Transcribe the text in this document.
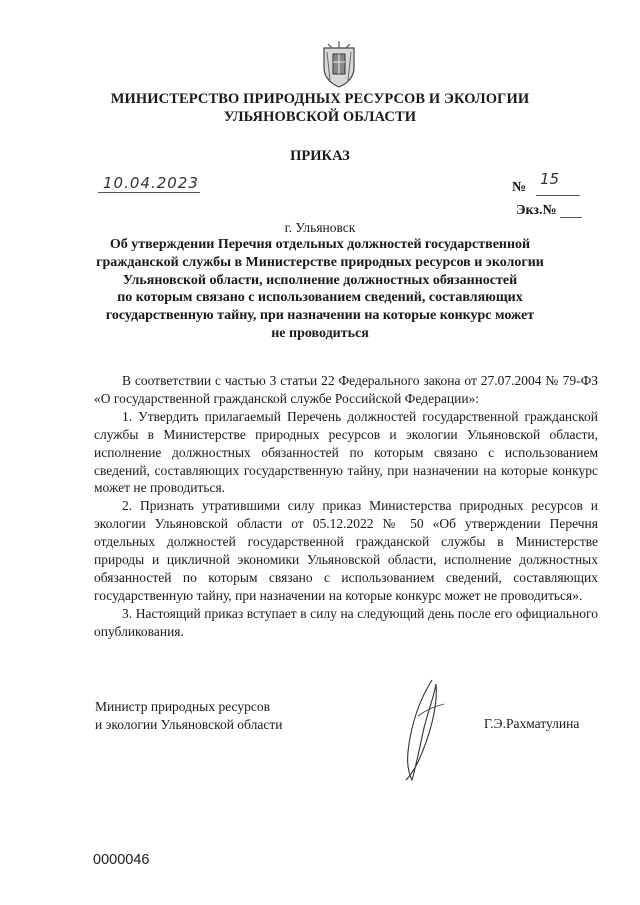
МИНИСТЕРСТВО ПРИРОДНЫХ РЕСУРСОВ И ЭКОЛОГИИ
УЛЬЯНОВСКОЙ ОБЛАСТИ
ПРИКАЗ
10.04.2023	№ 15
Экз.№
г. Ульяновск
Об утверждении Перечня отдельных должностей государственной
гражданской службы в Министерстве природных ресурсов и экологии
Ульяновской области, исполнение должностных обязанностей
по которым связано с использованием сведений, составляющих
государственную тайну, при назначении на которые конкурс может
не проводиться

В соответствии с частью 3 статьи 22 Федерального закона от 27.07.2004 № 79-ФЗ «О государственной гражданской службе Российской Федерации»:

1. Утвердить прилагаемый Перечень должностей государственной гражданской службы в Министерстве природных ресурсов и экологии Ульяновской области, исполнение должностных обязанностей по которым связано с использованием сведений, составляющих государственную тайну, при назначении на которые конкурс может не проводиться.

2. Признать утратившими силу приказ Министерства природных ресурсов и экологии Ульяновской области от 05.12.2022 № 50 «Об утверждении Перечня отдельных должностей государственной гражданской службы в Министерстве природы и цикличной экономики Ульяновской области, исполнение должностных обязанностей по которым связано с использованием сведений, составляющих государственную тайну, при назначении на которые конкурс может не проводиться».

3. Настоящий приказ вступает в силу на следующий день после его официального опубликования.

Министр природных ресурсов
и экологии Ульяновской области	Г.Э.Рахматулина
0000046
